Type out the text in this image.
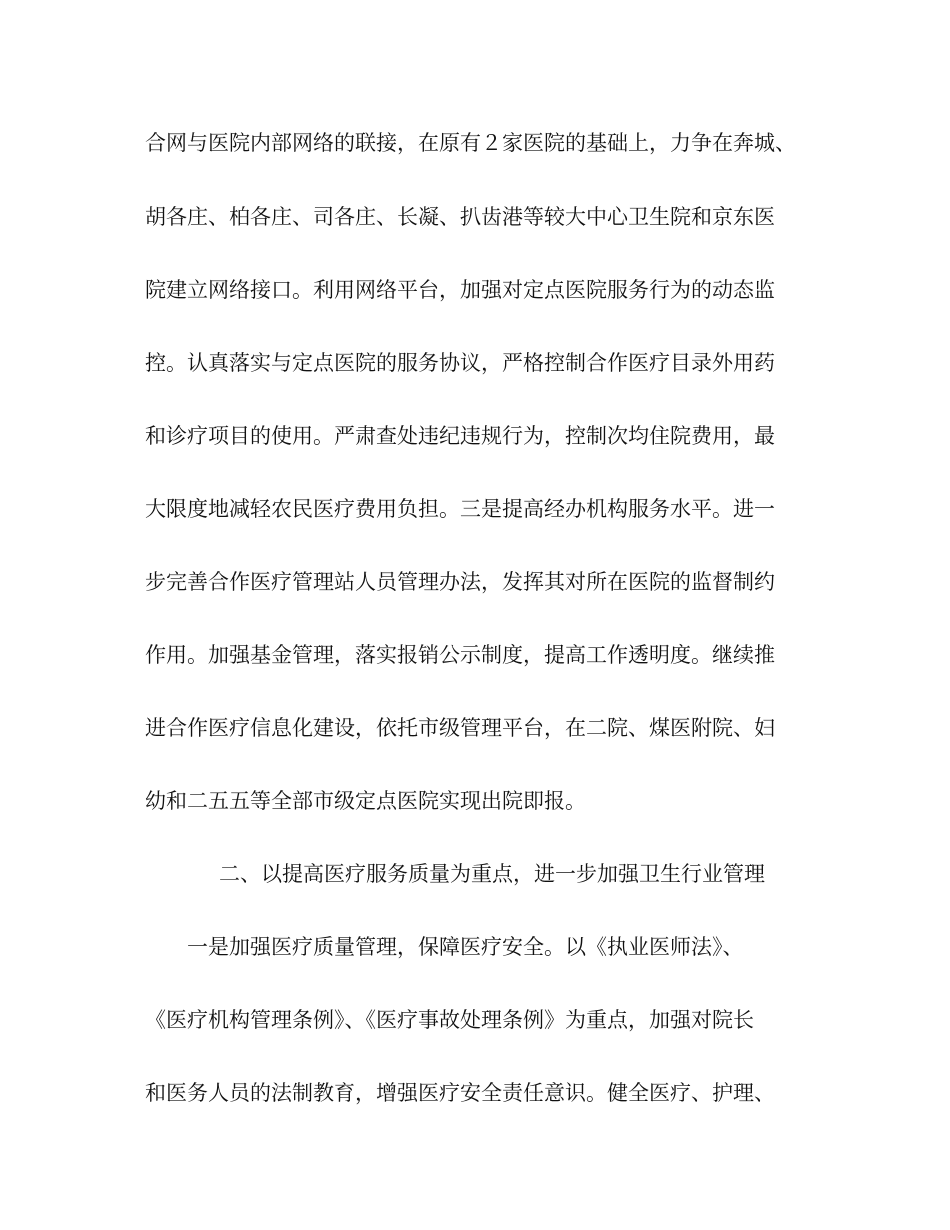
合网与医院内部网络的联接，在原有２家医院的基础上，力争在奔城、
胡各庄、柏各庄、司各庄、长凝、扒齿港等较大中心卫生院和京东医
院建立网络接口。利用网络平台，加强对定点医院服务行为的动态监
控。认真落实与定点医院的服务协议，严格控制合作医疗目录外用药
和诊疗项目的使用。严肃查处违纪违规行为，控制次均住院费用，最
大限度地减轻农民医疗费用负担。三是提高经办机构服务水平。进一
步完善合作医疗管理站人员管理办法，发挥其对所在医院的监督制约
作用。加强基金管理，落实报销公示制度，提高工作透明度。继续推
进合作医疗信息化建设，依托市级管理平台，在二院、煤医附院、妇
幼和二五五等全部市级定点医院实现出院即报。
二、以提高医疗服务质量为重点，进一步加强卫生行业管理
一是加强医疗质量管理，保障医疗安全。以《执业医师法》、
《医疗机构管理条例》、《医疗事故处理条例》为重点，加强对院长
和医务人员的法制教育，增强医疗安全责任意识。健全医疗、护理、
